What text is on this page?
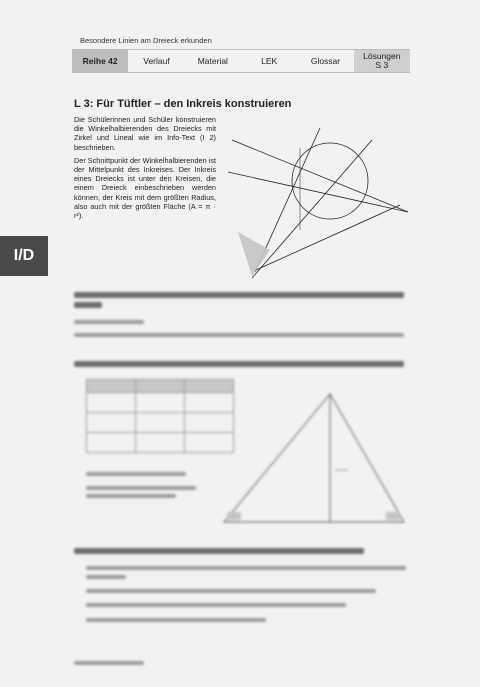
Besondere Linien am Dreieck erkunden
Reihe 42	Verlauf	Material	LEK	Glossar	Lösungen
S 3
I/D
L 3: Für Tüftler – den Inkreis konstruieren

Die Schülerinnen und Schüler konstruieren die Winkelhalbierenden des Dreiecks mit Zirkel und Lineal wie im Info-Text (I 2) beschrieben.

Der Schnittpunkt der Winkelhalbierenden ist der Mittelpunkt des Inkreises. Der Inkreis eines Dreiecks ist unter den Kreisen, die einem Dreieck einbeschrieben werden können, der Kreis mit dem größten Radius, also auch mit der größten Fläche (A = π · r²).
